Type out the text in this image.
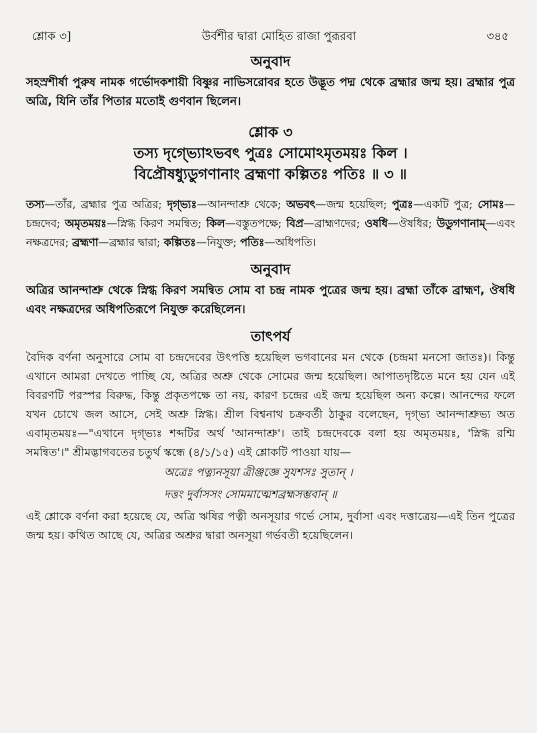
শ্লোক ৩]	উর্বশীর দ্বারা মোহিত রাজা পুরূরবা	৩৪৫
অনুবাদ

সহস্রশীর্ষা পুরুষ নামক গর্ভোদকশায়ী বিষ্ণুর নাভিসরোবর হতে উদ্ভূত পদ্ম থেকে ব্রহ্মার জন্ম হয়। ব্রহ্মার পুত্র অত্রি, যিনি তাঁর পিতার মতোই গুণবান ছিলেন।

শ্লোক ৩

তস্য দৃগ্ভ্যোঽভবৎ পুত্রঃ সোমোঽমৃতময়ঃ কিল ।

বিপ্রৌষধ্যুডুগণানাং ব্রহ্মণা কল্পিতঃ পতিঃ ॥ ৩ ॥

তস্য—তাঁর, ব্রহ্মার পুত্র অত্রির; দৃগ্ভ্যঃ—আনন্দাশ্রু থেকে; অভবৎ—জন্ম হয়েছিল; পুত্রঃ—একটি পুত্র; সোমঃ—চন্দ্রদেব; অমৃতময়ঃ—স্নিগ্ধ কিরণ সমন্বিত; কিল—বস্তুতপক্ষে; বিপ্র—ব্রাহ্মণদের; ওষধি—ঔষধির; উডুগণানাম্—এবং নক্ষত্রদের; ব্রহ্মণা—ব্রহ্মার দ্বারা; কল্পিতঃ—নিযুক্ত; পতিঃ—অধিপতি।
অনুবাদ

অত্রির আনন্দাশ্রু থেকে স্নিগ্ধ কিরণ সমন্বিত সোম বা চন্দ্র নামক পুত্রের জন্ম হয়। ব্রহ্মা তাঁকে ব্রাহ্মণ, ঔষধি এবং নক্ষত্রদের অধিপতিরূপে নিযুক্ত করেছিলেন।

তাৎপর্য

বৈদিক বর্ণনা অনুসারে সোম বা চন্দ্রদেবের উৎপত্তি হয়েছিল ভগবানের মন থেকে (চন্দ্রমা মনসো জাতঃ)। কিন্তু এখানে আমরা দেখতে পাচ্ছি যে, অত্রির অশ্রু থেকে সোমের জন্ম হয়েছিল। আপাতদৃষ্টিতে মনে হয় যেন এই বিবরণটি পরস্পর বিরুদ্ধ, কিন্তু প্রকৃতপক্ষে তা নয়, কারণ চন্দ্রের এই জন্ম হয়েছিল অন্য কল্পে। আনন্দের ফলে যখন চোখে জল আসে, সেই অশ্রু স্নিগ্ধ। শ্রীল বিশ্বনাথ চক্রবর্তী ঠাকুর বলেছেন, দৃগ্ভ্য আনন্দাশ্রুভ্য অত এবামৃতময়ঃ—"এখানে দৃগ্ভ্যঃ শব্দটির অর্থ 'আনন্দাশ্রু'। তাই চন্দ্রদেবকে বলা হয় অমৃতময়ঃ, 'স্নিগ্ধ রশ্মি সমন্বিত'।" শ্রীমদ্ভাগবতের চতুর্থ স্কন্ধে (৪/১/১৫) এই শ্লোকটি পাওয়া যায়—

অত্রেঃ পত্ন্যনসূয়া ত্রীঞ্জজ্ঞে সুযশসঃ সুতান্ ।
দত্তং দুর্বাসসং সোমমাত্মেশব্রহ্মসম্ভবান্ ॥

এই শ্লোকে বর্ণনা করা হয়েছে যে, অত্রি ঋষির পত্নী অনসূয়ার গর্ভে সোম, দুর্বাসা এবং দত্তাত্রেয়—এই তিন পুত্রের জন্ম হয়। কথিত আছে যে, অত্রির অশ্রুর দ্বারা অনসূয়া গর্ভবতী হয়েছিলেন।
